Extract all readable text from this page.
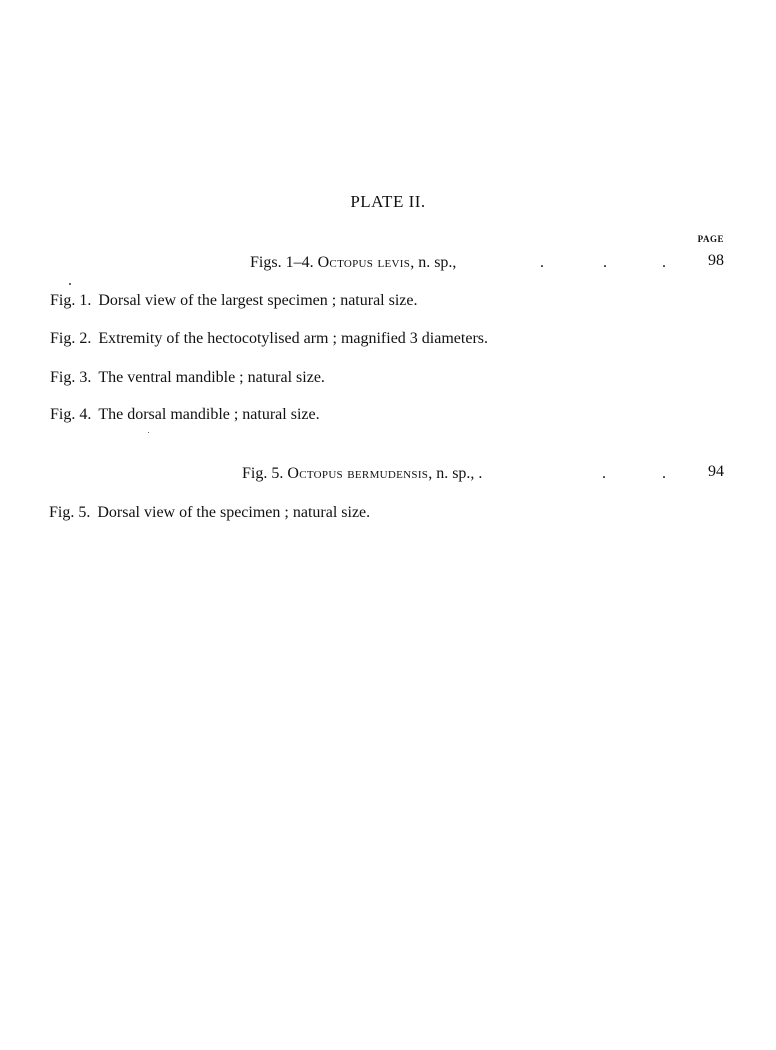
PLATE II.
PAGE
Figs. 1–4. Octopus levis, n. sp.,	.	.	.	98
Fig. 1. Dorsal view of the largest specimen ; natural size.
Fig. 2. Extremity of the hectocotylised arm ; magnified 3 diameters.
Fig. 3. The ventral mandible ; natural size.
Fig. 4. The dorsal mandible ; natural size.
Fig. 5. Octopus bermudensis, n. sp., .	.	.	94
Fig. 5. Dorsal view of the specimen ; natural size.
